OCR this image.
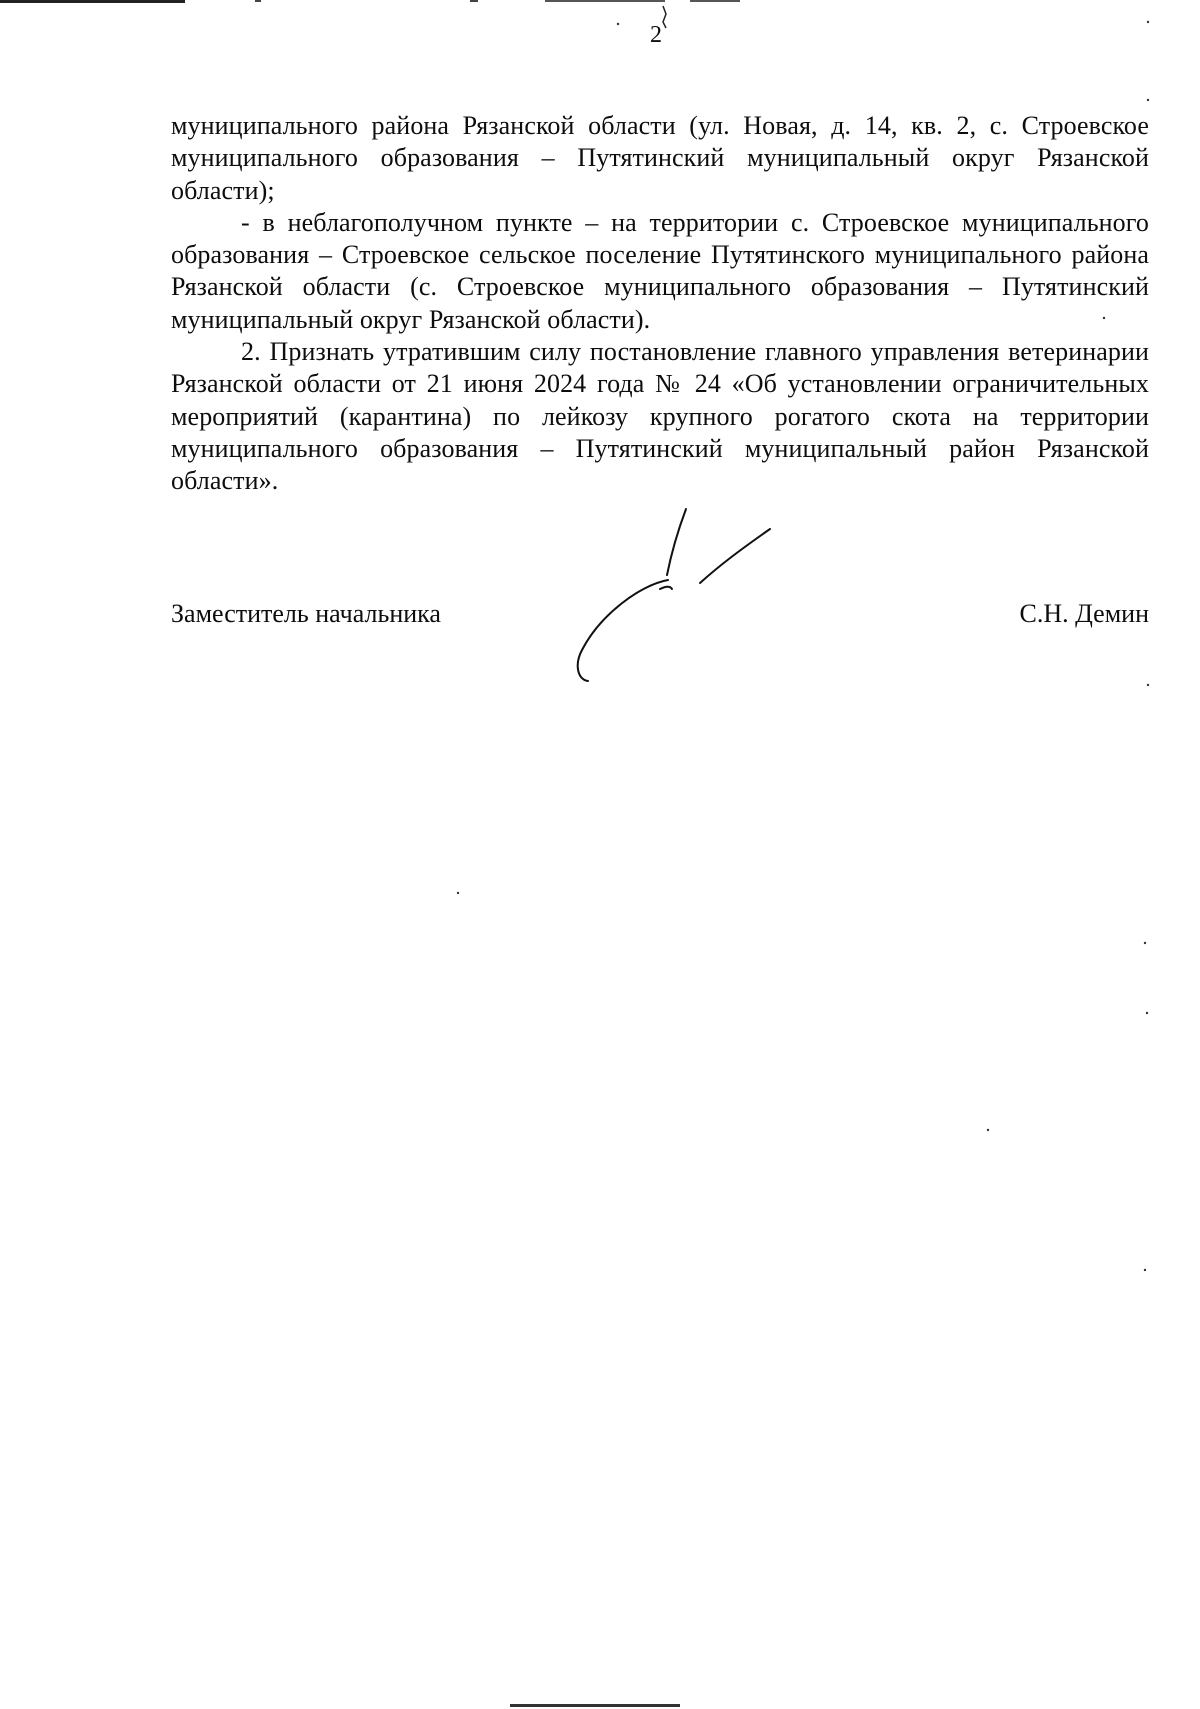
2

муниципального района Рязанской области (ул. Новая, д. 14, кв. 2, с. Строевское муниципального образования – Путятинский муниципальный округ Рязанской области);

- в неблагополучном пункте – на территории с. Строевское муниципального образования – Строевское сельское поселение Путятинского муниципального района Рязанской области (с. Строевское муниципального образования – Путятинский муниципальный округ Рязанской области).

2. Признать утратившим силу постановление главного управления ветеринарии Рязанской области от 21 июня 2024 года № 24 «Об установлении ограничительных мероприятий (карантина) по лейкозу крупного рогатого скота на территории муниципального образования – Путятинский муниципальный район Рязанской области».

Заместитель начальника	С.Н. Демин
